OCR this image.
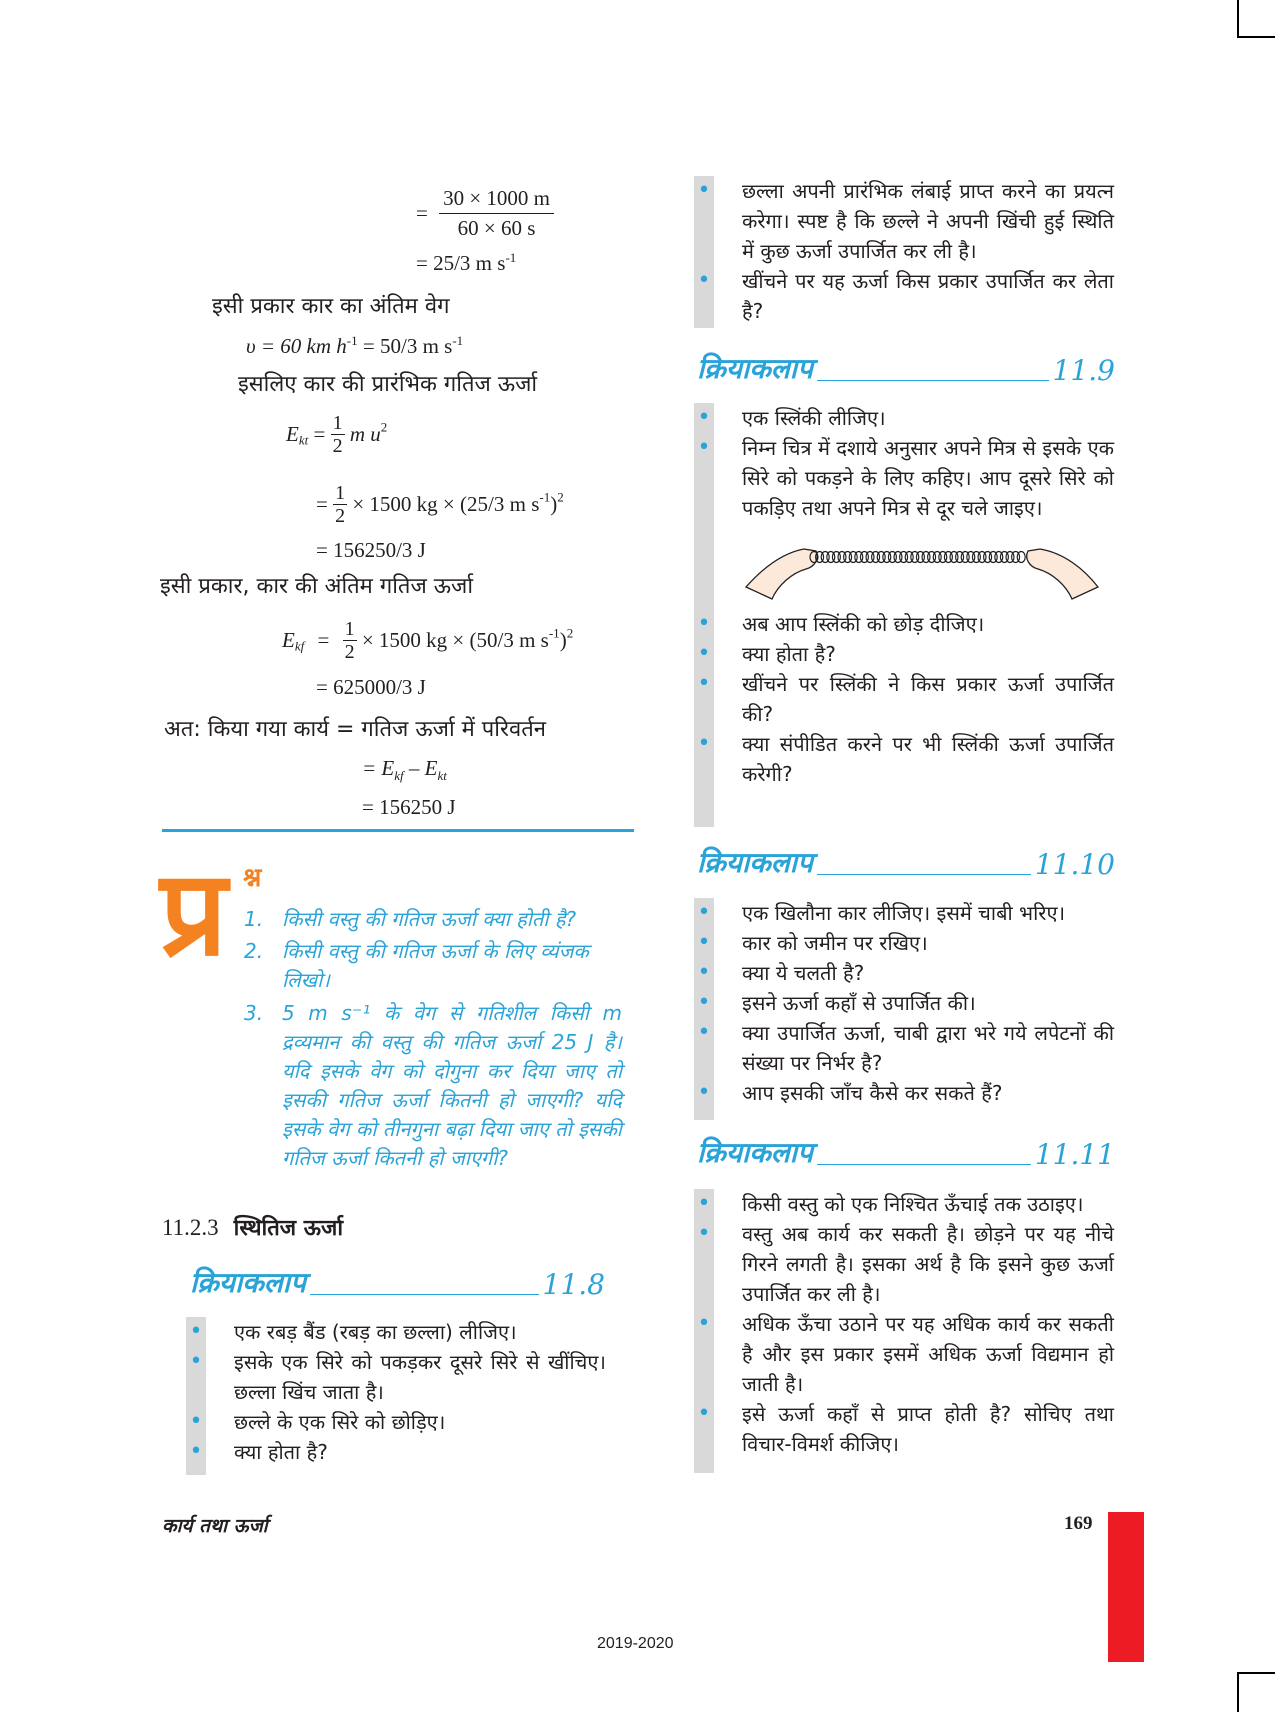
= $\frac{30 \times 1000 m}{60 \times 60 s}$
= 25/3 m $s^{-1}$
इसी प्रकार कार का अंतिम वेग
υ = 60 km $h^{-1} = 50/3$ m $s^{-1}$
इसलिए कार की प्रारंभिक गतिज ऊर्जा
$E_{kt} = \frac{1}{2}$ m $u^2$
= $\frac{1}{2} \times 1500$ kg × (25/3 m $s^{-1})^2$
= 156250/3 J
इसी प्रकार, कार की अंतिम गतिज ऊर्जा
$E_{kf} = \frac{1}{2} \times 1500$ kg × (50/3 m $s^{-1})^2$
= 625000/3 J
अत: किया गया कार्य = गतिज ऊर्जा में परिवर्तन
= $E_{kf} - E_{kt}$
= 156250 J
प्र श्न
1. किसी वस्तु की गतिज ऊर्जा क्या होती है?
2. किसी वस्तु की गतिज ऊर्जा के लिए व्यंजक लिखो।
3. 5 m s⁻¹ के वेग से गतिशील किसी m द्रव्यमान की वस्तु की गतिज ऊर्जा 25 J है। यदि इसके वेग को दोगुना कर दिया जाए तो इसकी गतिज ऊर्जा कितनी हो जाएगी? यदि इसके वेग को तीनगुना बढ़ा दिया जाए तो इसकी गतिज ऊर्जा कितनी हो जाएगी?
11.2.3 स्थितिज ऊर्जा
क्रियाकलाप	11.8
• एक रबड़ बैंड (रबड़ का छल्ला) लीजिए।
• इसके एक सिरे को पकड़कर दूसरे सिरे से खींचिए। छल्ला खिंच जाता है।
• छल्ले के एक सिरे को छोड़िए।
• क्या होता है?
• छल्ला अपनी प्रारंभिक लंबाई प्राप्त करने का प्रयत्न करेगा। स्पष्ट है कि छल्ले ने अपनी खिंची हुई स्थिति में कुछ ऊर्जा उपार्जित कर ली है।
• खींचने पर यह ऊर्जा किस प्रकार उपार्जित कर लेता है?
क्रियाकलाप	11.9
• एक स्लिंकी लीजिए।
• निम्न चित्र में दशाये अनुसार अपने मित्र से इसके एक सिरे को पकड़ने के लिए कहिए। आप दूसरे सिरे को पकड़िए तथा अपने मित्र से दूर चले जाइए।
• अब आप स्लिंकी को छोड़ दीजिए।
• क्या होता है?
• खींचने पर स्लिंकी ने किस प्रकार ऊर्जा उपार्जित की?
• क्या संपीडित करने पर भी स्लिंकी ऊर्जा उपार्जित करेगी?
क्रियाकलाप	11.10
• एक खिलौना कार लीजिए। इसमें चाबी भरिए।
• कार को जमीन पर रखिए।
• क्या ये चलती है?
• इसने ऊर्जा कहाँ से उपार्जित की।
• क्या उपार्जित ऊर्जा, चाबी द्वारा भरे गये लपेटनों की संख्या पर निर्भर है?
• आप इसकी जाँच कैसे कर सकते हैं?
क्रियाकलाप	11.11
• किसी वस्तु को एक निश्चित ऊँचाई तक उठाइए।
• वस्तु अब कार्य कर सकती है। छोड़ने पर यह नीचे गिरने लगती है। इसका अर्थ है कि इसने कुछ ऊर्जा उपार्जित कर ली है।
• अधिक ऊँचा उठाने पर यह अधिक कार्य कर सकती है और इस प्रकार इसमें अधिक ऊर्जा विद्यमान हो जाती है।
• इसे ऊर्जा कहाँ से प्राप्त होती है? सोचिए तथा विचार-विमर्श कीजिए।
कार्य तथा ऊर्जा	169
2019-2020
